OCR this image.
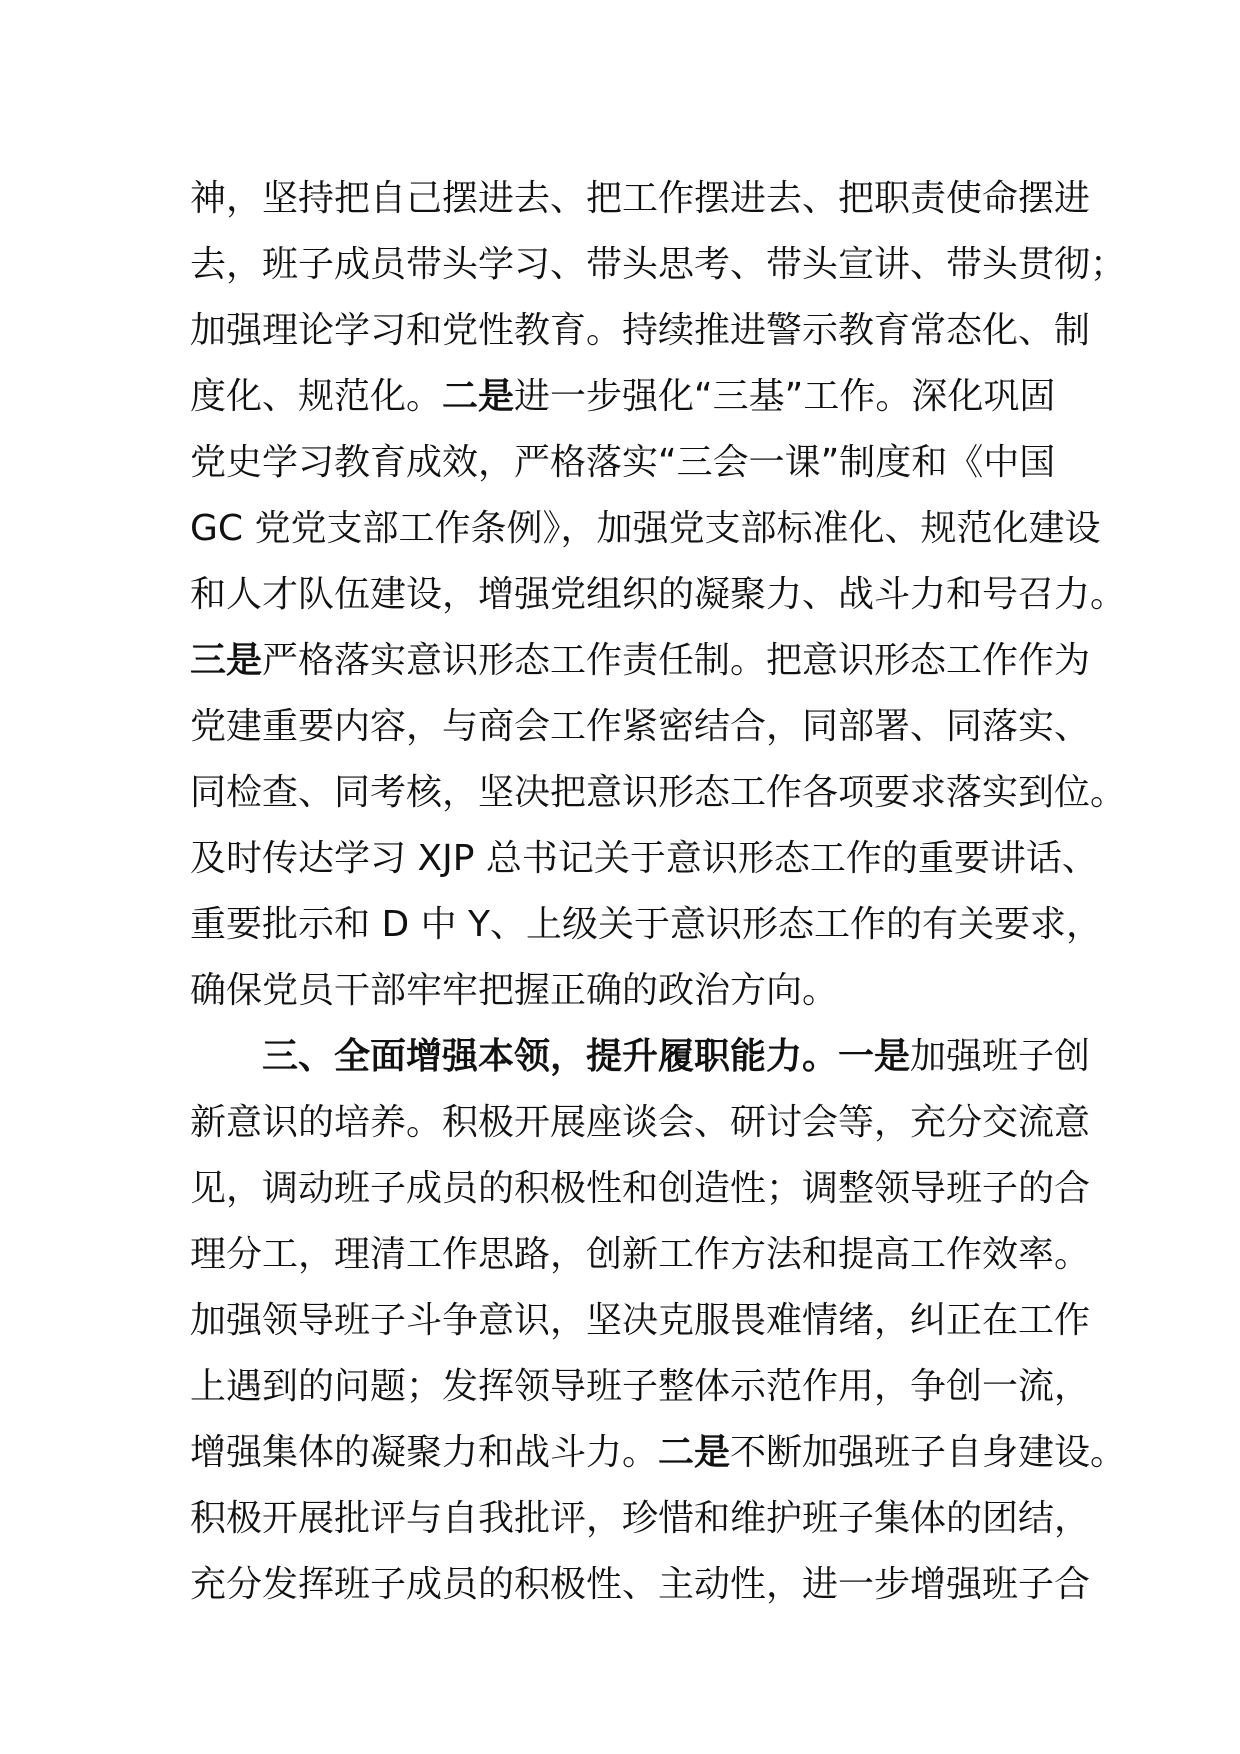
神，坚持把自己摆进去、把工作摆进去、把职责使命摆进
去，班子成员带头学习、带头思考、带头宣讲、带头贯彻；
加强理论学习和党性教育。持续推进警示教育常态化、制
度化、规范化。二是进一步强化“三基”工作。深化巩固
党史学习教育成效，严格落实“三会一课”制度和《中国
GC 党党支部工作条例》，加强党支部标准化、规范化建设
和人才队伍建设，增强党组织的凝聚力、战斗力和号召力。
三是严格落实意识形态工作责任制。把意识形态工作作为
党建重要内容，与商会工作紧密结合，同部署、同落实、
同检查、同考核，坚决把意识形态工作各项要求落实到位。
及时传达学习 XJP 总书记关于意识形态工作的重要讲话、
重要批示和 D 中 Y、上级关于意识形态工作的有关要求，
确保党员干部牢牢把握正确的政治方向。
三、全面增强本领，提升履职能力。一是加强班子创
新意识的培养。积极开展座谈会、研讨会等，充分交流意
见，调动班子成员的积极性和创造性；调整领导班子的合
理分工，理清工作思路，创新工作方法和提高工作效率。
加强领导班子斗争意识，坚决克服畏难情绪，纠正在工作
上遇到的问题；发挥领导班子整体示范作用，争创一流，
增强集体的凝聚力和战斗力。二是不断加强班子自身建设。
积极开展批评与自我批评，珍惜和维护班子集体的团结，
充分发挥班子成员的积极性、主动性，进一步增强班子合
